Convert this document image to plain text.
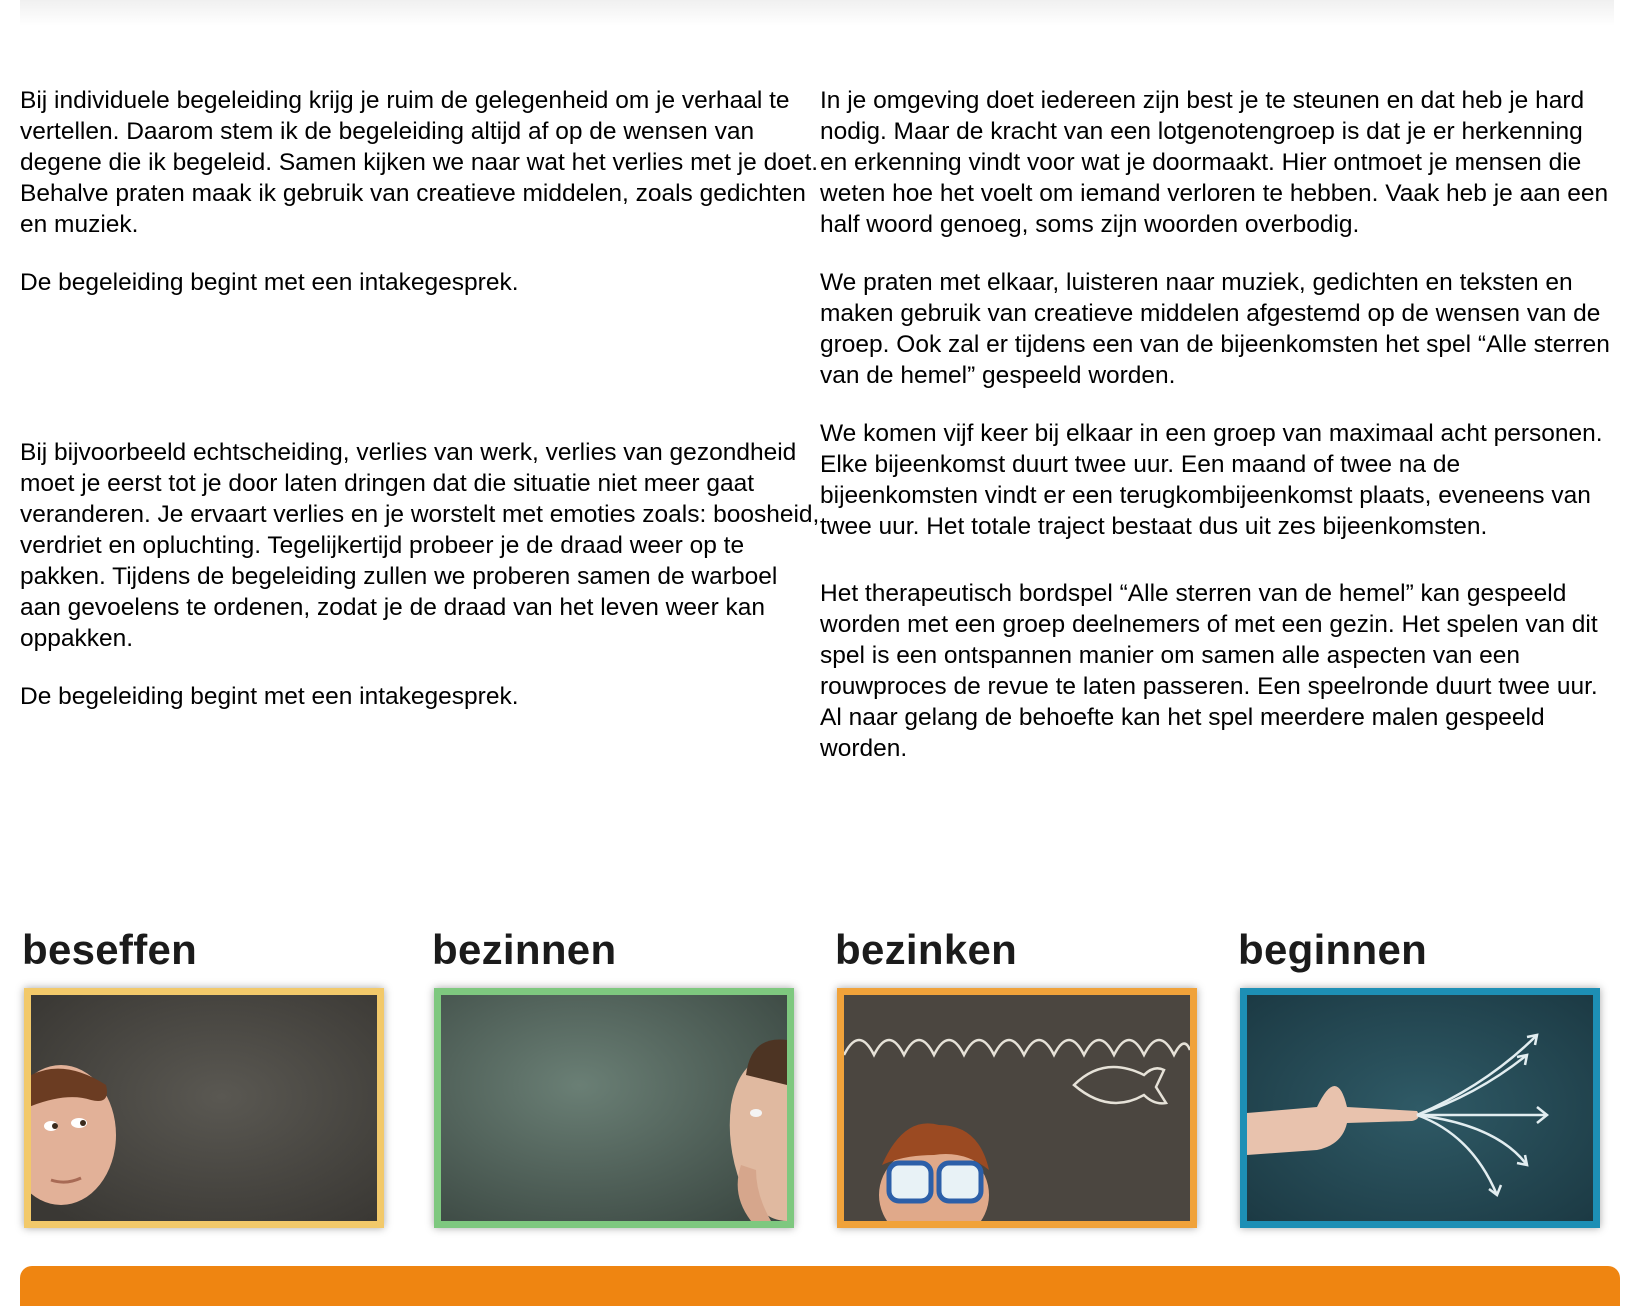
Bij individuele begeleiding krijg je ruim de gelegenheid om je verhaal te vertellen. Daarom stem ik de begeleiding altijd af op de wensen van degene die ik begeleid. Samen kijken we naar wat het verlies met je doet. Behalve praten maak ik gebruik van creatieve middelen, zoals gedichten en muziek.

De begeleiding begint met een intakegesprek.

Bij bijvoorbeeld echtscheiding, verlies van werk, verlies van gezondheid moet je eerst tot je door laten dringen dat die situatie niet meer gaat veranderen. Je ervaart verlies en je worstelt met emoties zoals: boosheid, verdriet en opluchting. Tegelijkertijd probeer je de draad weer op te pakken. Tijdens de begeleiding zullen we proberen samen de warboel aan gevoelens te ordenen, zodat je de draad van het leven weer kan oppakken.

De begeleiding begint met een intakegesprek.

In je omgeving doet iedereen zijn best je te steunen en dat heb je hard nodig. Maar de kracht van een lotgenotengroep is dat je er herkenning en erkenning vindt voor wat je doormaakt. Hier ontmoet je mensen die weten hoe het voelt om iemand verloren te hebben. Vaak heb je aan een half woord genoeg, soms zijn woorden overbodig.

We praten met elkaar, luisteren naar muziek, gedichten en teksten en maken gebruik van creatieve middelen afgestemd op de wensen van de groep. Ook zal er tijdens een van de bijeenkomsten het spel “Alle sterren van de hemel” gespeeld worden.

We komen vijf keer bij elkaar in een groep van maximaal acht personen. Elke bijeenkomst duurt twee uur. Een maand of twee na de bijeenkomsten vindt er een terugkombijeenkomst plaats, eveneens van twee uur. Het totale traject bestaat dus uit zes bijeenkomsten.

Het therapeutisch bordspel “Alle sterren van de hemel” kan gespeeld worden met een groep deelnemers of met een gezin. Het spelen van dit spel is een ontspannen manier om samen alle aspecten van een rouwproces de revue te laten passeren. Een speelronde duurt twee uur. Al naar gelang de behoefte kan het spel meerdere malen gespeeld worden.

beseffen	bezinnen	bezinken	beginnen
